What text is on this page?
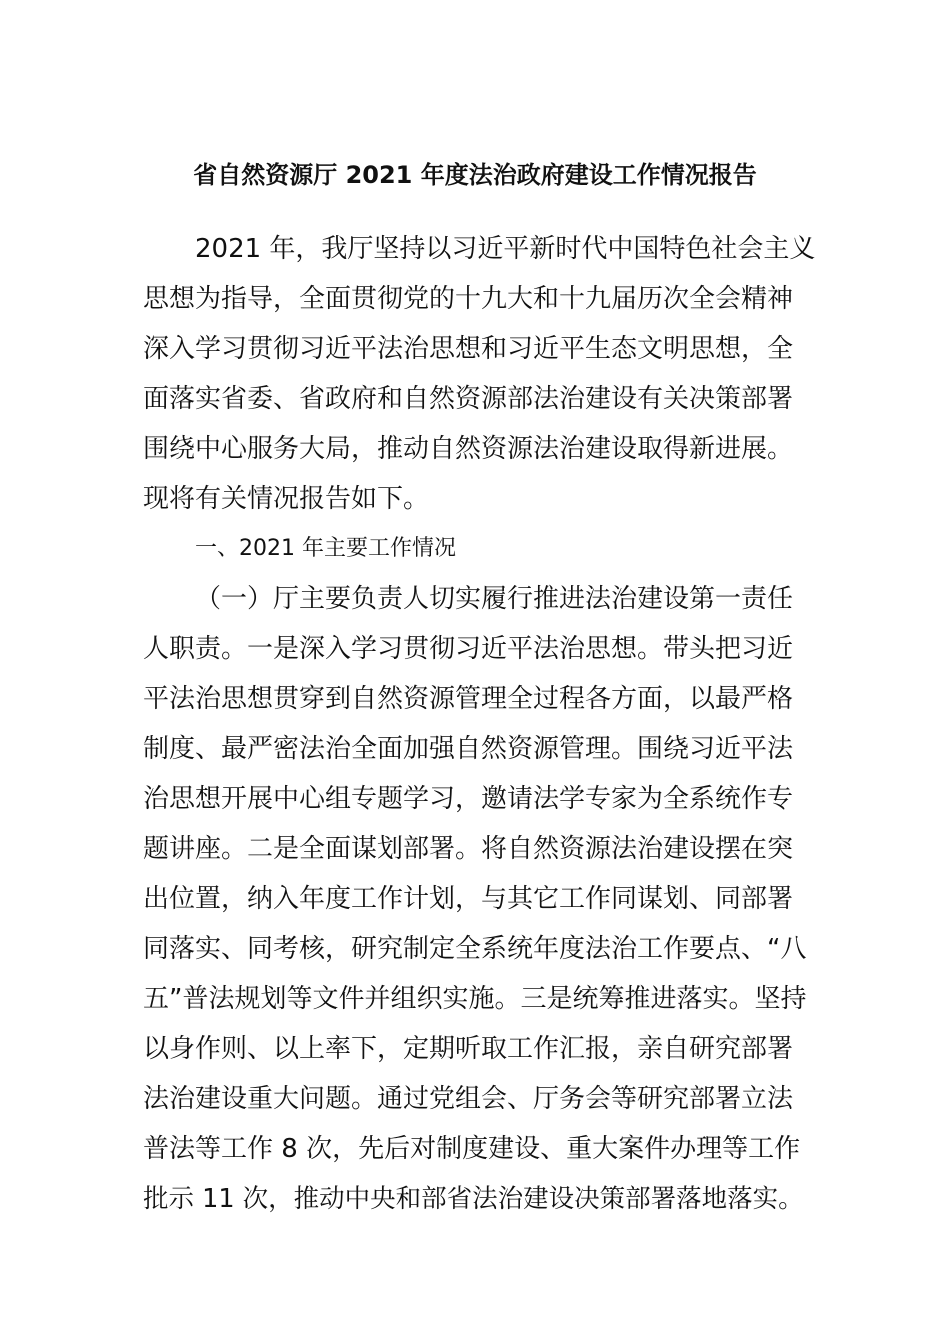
省自然资源厅 2021 年度法治政府建设工作情况报告
2021 年，我厅坚持以习近平新时代中国特色社会主义
思想为指导，全面贯彻党的十九大和十九届历次全会精神
深入学习贯彻习近平法治思想和习近平生态文明思想，全
面落实省委、省政府和自然资源部法治建设有关决策部署
围绕中心服务大局，推动自然资源法治建设取得新进展。
现将有关情况报告如下。
一、2021 年主要工作情况
（一）厅主要负责人切实履行推进法治建设第一责任
人职责。一是深入学习贯彻习近平法治思想。带头把习近
平法治思想贯穿到自然资源管理全过程各方面，以最严格
制度、最严密法治全面加强自然资源管理。围绕习近平法
治思想开展中心组专题学习，邀请法学专家为全系统作专
题讲座。二是全面谋划部署。将自然资源法治建设摆在突
出位置，纳入年度工作计划，与其它工作同谋划、同部署
同落实、同考核，研究制定全系统年度法治工作要点、“八
五”普法规划等文件并组织实施。三是统筹推进落实。坚持
以身作则、以上率下，定期听取工作汇报，亲自研究部署
法治建设重大问题。通过党组会、厅务会等研究部署立法
普法等工作 8 次，先后对制度建设、重大案件办理等工作
批示 11 次，推动中央和部省法治建设决策部署落地落实。
